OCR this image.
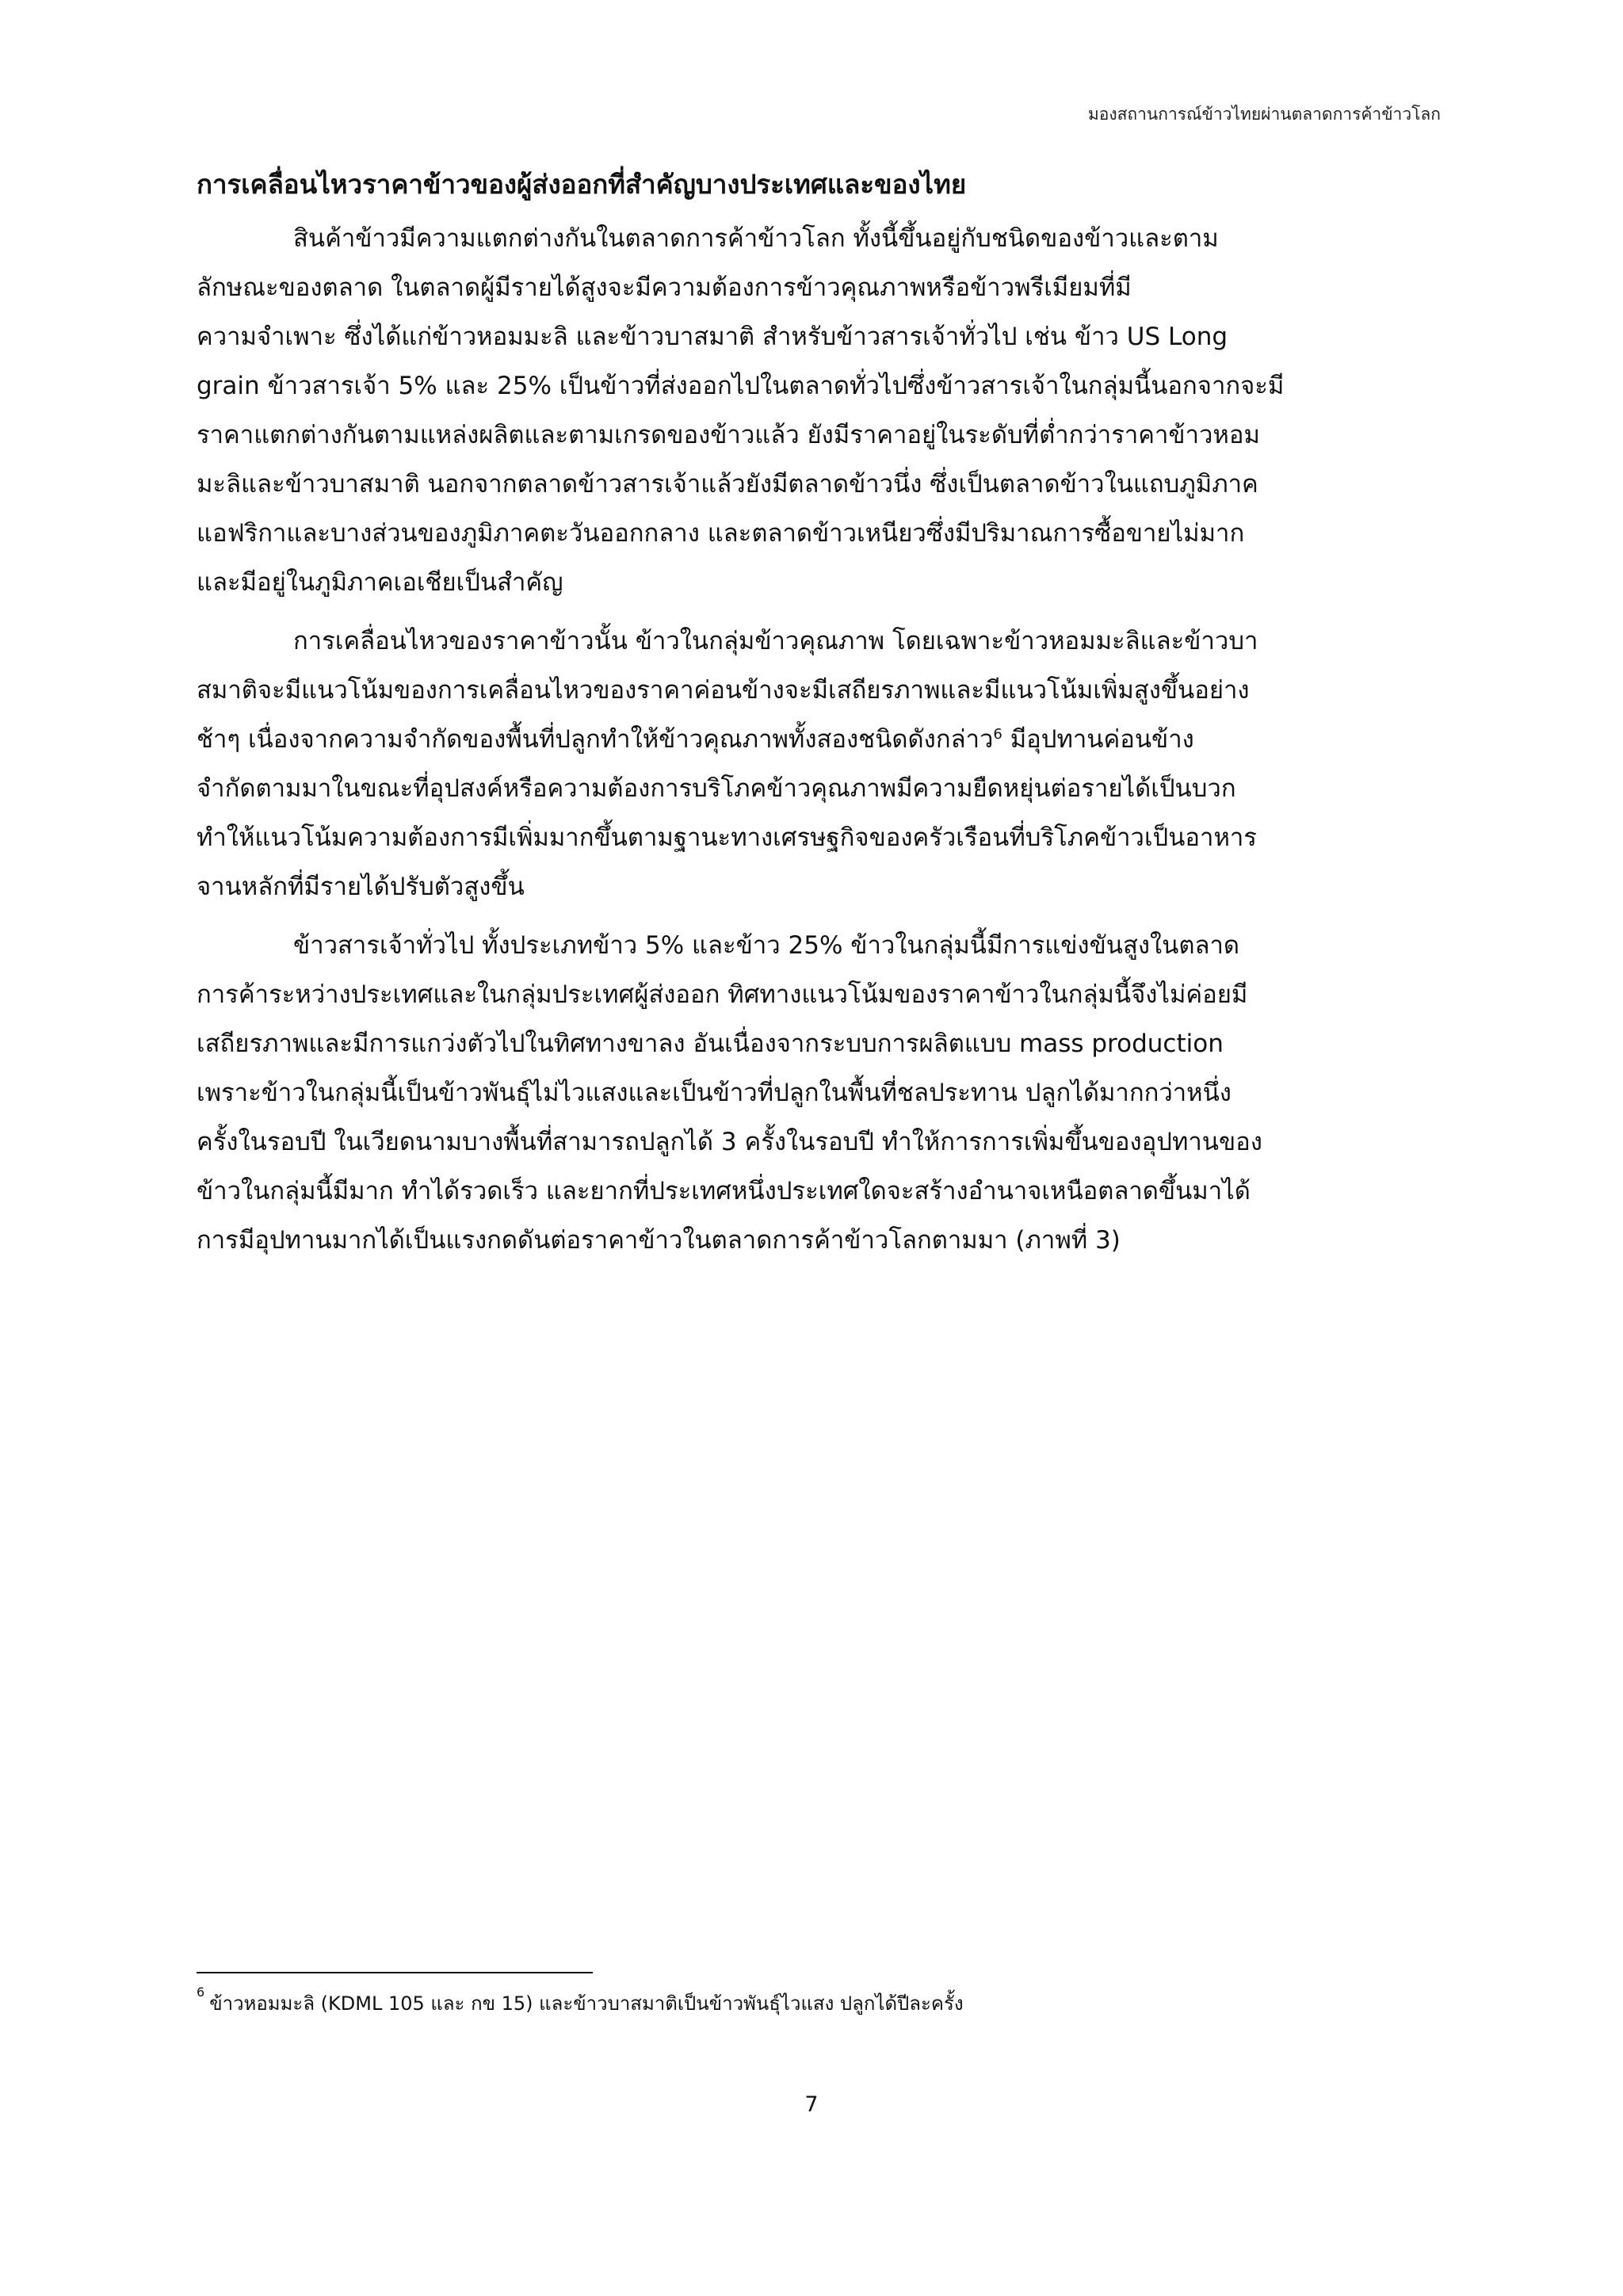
มองสถานการณ์ข้าวไทยผ่านตลาดการค้าข้าวโลก
การเคลื่อนไหวราคาข้าวของผู้ส่งออกที่สำคัญบางประเทศและของไทย
สินค้าข้าวมีความแตกต่างกันในตลาดการค้าข้าวโลก ทั้งนี้ขึ้นอยู่กับชนิดของข้าวและตาม
ลักษณะของตลาด ในตลาดผู้มีรายได้สูงจะมีความต้องการข้าวคุณภาพหรือข้าวพรีเมียมที่มี
ความจำเพาะ ซึ่งได้แก่ข้าวหอมมะลิ และข้าวบาสมาติ สำหรับข้าวสารเจ้าทั่วไป เช่น ข้าว US Long
grain ข้าวสารเจ้า 5% และ 25% เป็นข้าวที่ส่งออกไปในตลาดทั่วไปซึ่งข้าวสารเจ้าในกลุ่มนี้นอกจากจะมี
ราคาแตกต่างกันตามแหล่งผลิตและตามเกรดของข้าวแล้ว ยังมีราคาอยู่ในระดับที่ต่ำกว่าราคาข้าวหอม
มะลิและข้าวบาสมาติ นอกจากตลาดข้าวสารเจ้าแล้วยังมีตลาดข้าวนึ่ง ซึ่งเป็นตลาดข้าวในแถบภูมิภาค
แอฟริกาและบางส่วนของภูมิภาคตะวันออกกลาง และตลาดข้าวเหนียวซึ่งมีปริมาณการซื้อขายไม่มาก
และมีอยู่ในภูมิภาคเอเชียเป็นสำคัญ
การเคลื่อนไหวของราคาข้าวนั้น ข้าวในกลุ่มข้าวคุณภาพ โดยเฉพาะข้าวหอมมะลิและข้าวบา
สมาติจะมีแนวโน้มของการเคลื่อนไหวของราคาค่อนข้างจะมีเสถียรภาพและมีแนวโน้มเพิ่มสูงขึ้นอย่าง
ช้าๆ เนื่องจากความจำกัดของพื้นที่ปลูกทำให้ข้าวคุณภาพทั้งสองชนิดดังกล่าว$^6$ มีอุปทานค่อนข้าง
จำกัดตามมาในขณะที่อุปสงค์หรือความต้องการบริโภคข้าวคุณภาพมีความยืดหยุ่นต่อรายได้เป็นบวก
ทำให้แนวโน้มความต้องการมีเพิ่มมากขึ้นตามฐานะทางเศรษฐกิจของครัวเรือนที่บริโภคข้าวเป็นอาหาร
จานหลักที่มีรายได้ปรับตัวสูงขึ้น
ข้าวสารเจ้าทั่วไป ทั้งประเภทข้าว 5% และข้าว 25% ข้าวในกลุ่มนี้มีการแข่งขันสูงในตลาด
การค้าระหว่างประเทศและในกลุ่มประเทศผู้ส่งออก ทิศทางแนวโน้มของราคาข้าวในกลุ่มนี้จึงไม่ค่อยมี
เสถียรภาพและมีการแกว่งตัวไปในทิศทางขาลง อันเนื่องจากระบบการผลิตแบบ mass production
เพราะข้าวในกลุ่มนี้เป็นข้าวพันธุ์ไม่ไวแสงและเป็นข้าวที่ปลูกในพื้นที่ชลประทาน ปลูกได้มากกว่าหนึ่ง
ครั้งในรอบปี ในเวียดนามบางพื้นที่สามารถปลูกได้ 3 ครั้งในรอบปี ทำให้การการเพิ่มขึ้นของอุปทานของ
ข้าวในกลุ่มนี้มีมาก ทำได้รวดเร็ว และยากที่ประเทศหนึ่งประเทศใดจะสร้างอำนาจเหนือตลาดขึ้นมาได้
การมีอุปทานมากได้เป็นแรงกดดันต่อราคาข้าวในตลาดการค้าข้าวโลกตามมา (ภาพที่ 3)
$^6$ข้าวหอมมะลิ (KDML 105 และ กข 15) และข้าวบาสมาติเป็นข้าวพันธุ์ไวแสง ปลูกได้ปีละครั้ง
7
